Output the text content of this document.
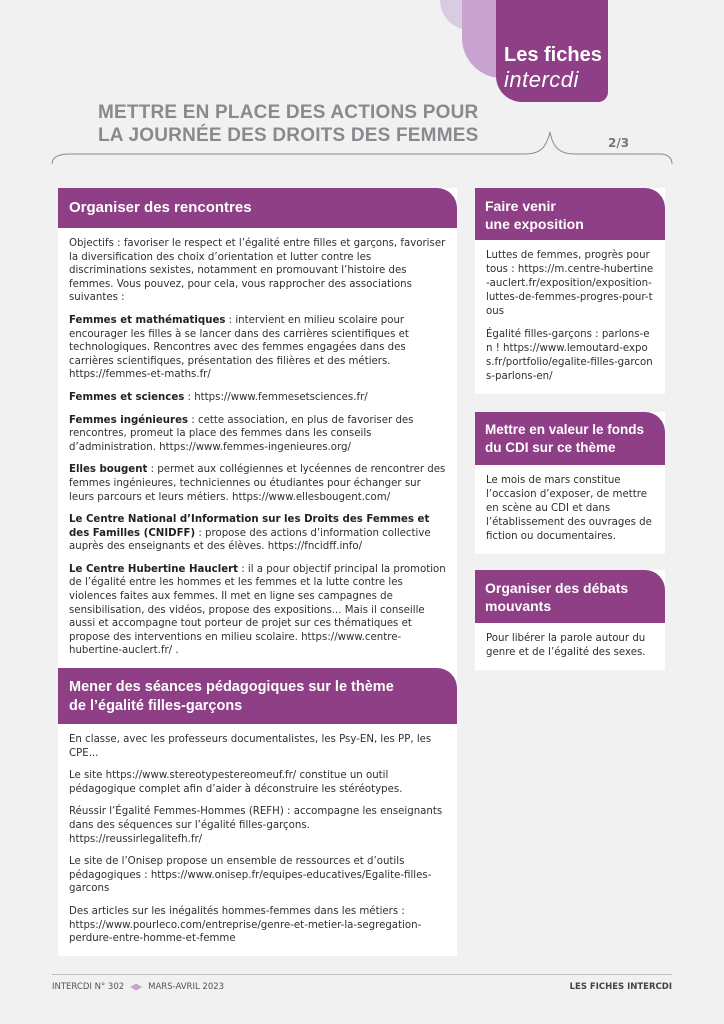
Les fiches
intercdi
METTRE EN PLACE DES ACTIONS POUR
LA JOURNÉE DES DROITS DES FEMMES	2/3
Organiser des rencontres

Objectifs : favoriser le respect et l’égalité entre filles et garçons, favoriser la diversification des choix d’orientation et lutter contre les discriminations sexistes, notamment en promouvant l’histoire des femmes. Vous pouvez, pour cela, vous rapprocher des associations suivantes :

Femmes et mathématiques : intervient en milieu scolaire pour encourager les filles à se lancer dans des carrières scientifiques et technologiques. Rencontres avec des femmes engagées dans des carrières scientifiques, présentation des filières et des métiers. https://femmes-et-maths.fr/

Femmes et sciences : https://www.femmesetsciences.fr/

Femmes ingénieures : cette association, en plus de favoriser des rencontres, promeut la place des femmes dans les conseils d’administration. https://www.femmes-ingenieures.org/

Elles bougent : permet aux collégiennes et lycéennes de rencontrer des femmes ingénieures, techniciennes ou étudiantes pour échanger sur leurs parcours et leurs métiers. https://www.ellesbougent.com/

Le Centre National d’Information sur les Droits des Femmes et des Familles (CNIDFF) : propose des actions d’information collective auprès des enseignants et des élèves. https://fncidff.info/

Le Centre Hubertine Hauclert : il a pour objectif principal la promotion de l’égalité entre les hommes et les femmes et la lutte contre les violences faites aux femmes. Il met en ligne ses campagnes de sensibilisation, des vidéos, propose des expositions... Mais il conseille aussi et accompagne tout porteur de projet sur ces thématiques et propose des interventions en milieu scolaire. https://www.centre-hubertine-auclert.fr/ .

Mener des séances pédagogiques sur le thème
de l’égalité filles-garçons

En classe, avec les professeurs documentalistes, les Psy-EN, les PP, les CPE...

Le site https://www.stereotypestereomeuf.fr/ constitue un outil pédagogique complet afin d’aider à déconstruire les stéréotypes.

Réussir l’Égalité Femmes-Hommes (REFH) : accompagne les enseignants dans des séquences sur l’égalité filles-garçons. https://reussirlegalitefh.fr/

Le site de l’Onisep propose un ensemble de ressources et d’outils pédagogiques : https://www.onisep.fr/equipes-educatives/Egalite-filles-garcons

Des articles sur les inégalités hommes-femmes dans les métiers : https://www.pourleco.com/entreprise/genre-et-metier-la-segregation-perdure-entre-homme-et-femme

Faire venir
une exposition

Luttes de femmes, progrès pour tous : https://m.centre-hubertine-auclert.fr/exposition/exposition-luttes-de-femmes-progres-pour-tous

Égalité filles-garçons : parlons-en ! https://www.lemoutard-expos.fr/portfolio/egalite-filles-garcons-parlons-en/

Mettre en valeur le fonds
du CDI sur ce thème

Le mois de mars constitue l’occasion d’exposer, de mettre en scène au CDI et dans l’établissement des ouvrages de fiction ou documentaires.

Organiser des débats
mouvants

Pour libérer la parole autour du genre et de l’égalité des sexes.

INTERCDI N° 302	MARS-AVRIL 2023	LES FICHES INTERCDI
